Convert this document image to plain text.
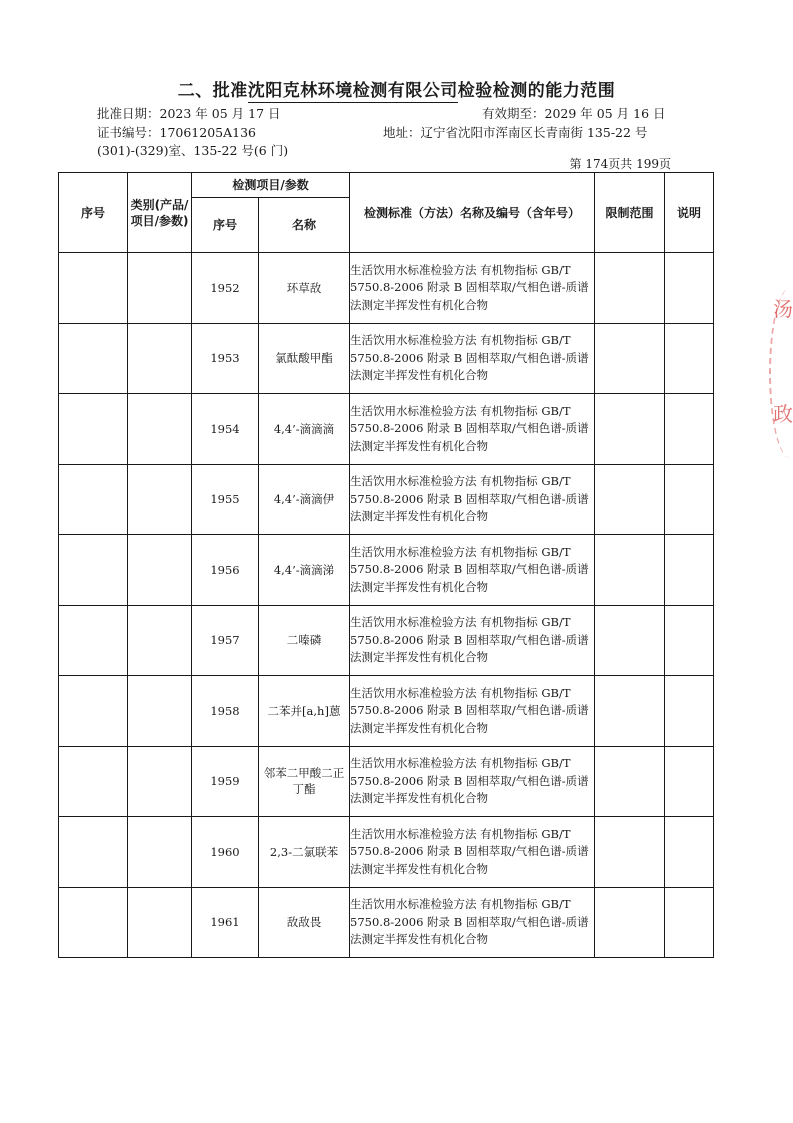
二、批准沈阳克林环境检测有限公司检验检测的能力范围
批准日期：2023 年 05 月 17 日	有效期至：2029 年 05 月 16 日
证书编号：17061205A136	地址：辽宁省沈阳市浑南区长青南街 135-22 号
(301)-(329)室、135-22 号(6 门)
第 174页共 199页
序号	类别(产品/项目/参数)	检测项目/参数		检测标准（方法）名称及编号（含年号）	限制范围	说明
		序号	名称			
		1952	环草敌	生活饮用水标准检验方法 有机物指标 GB/T 5750.8-2006 附录 B 固相萃取/气相色谱-质谱法测定半挥发性有机化合物		
		1953	氯酞酸甲酯	生活饮用水标准检验方法 有机物指标 GB/T 5750.8-2006 附录 B 固相萃取/气相色谱-质谱法测定半挥发性有机化合物		
		1954	4,4’-滴滴滴	生活饮用水标准检验方法 有机物指标 GB/T 5750.8-2006 附录 B 固相萃取/气相色谱-质谱法测定半挥发性有机化合物		
		1955	4,4’-滴滴伊	生活饮用水标准检验方法 有机物指标 GB/T 5750.8-2006 附录 B 固相萃取/气相色谱-质谱法测定半挥发性有机化合物		
		1956	4,4’-滴滴涕	生活饮用水标准检验方法 有机物指标 GB/T 5750.8-2006 附录 B 固相萃取/气相色谱-质谱法测定半挥发性有机化合物		
		1957	二嗪磷	生活饮用水标准检验方法 有机物指标 GB/T 5750.8-2006 附录 B 固相萃取/气相色谱-质谱法测定半挥发性有机化合物		
		1958	二苯并[a,h]蒽	生活饮用水标准检验方法 有机物指标 GB/T 5750.8-2006 附录 B 固相萃取/气相色谱-质谱法测定半挥发性有机化合物		
		1959	邻苯二甲酸二正丁酯	生活饮用水标准检验方法 有机物指标 GB/T 5750.8-2006 附录 B 固相萃取/气相色谱-质谱法测定半挥发性有机化合物		
		1960	2,3-二氯联苯	生活饮用水标准检验方法 有机物指标 GB/T 5750.8-2006 附录 B 固相萃取/气相色谱-质谱法测定半挥发性有机化合物		
		1961	敌敌畏	生活饮用水标准检验方法 有机物指标 GB/T 5750.8-2006 附录 B 固相萃取/气相色谱-质谱法测定半挥发性有机化合物		
汤
政
